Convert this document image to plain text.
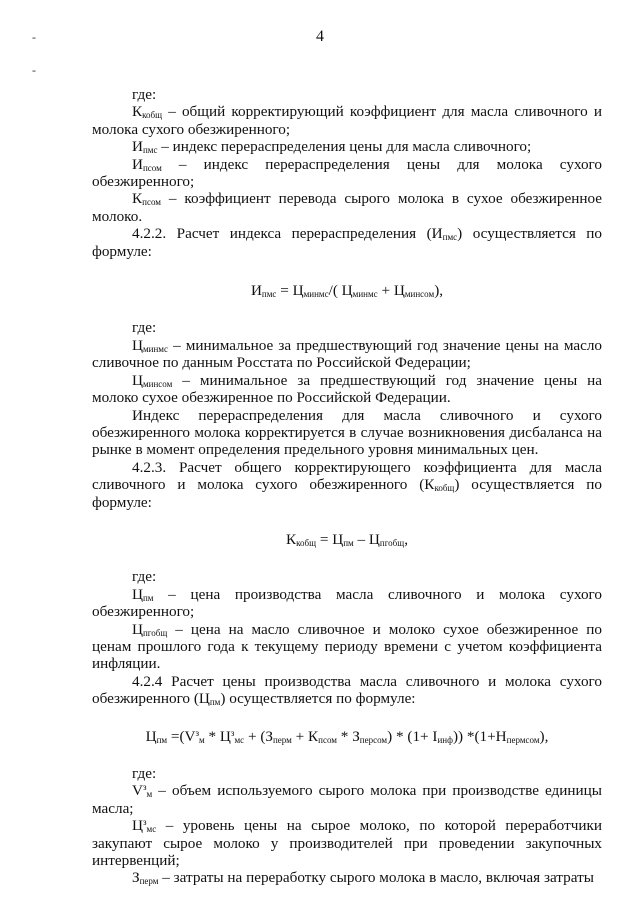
-
-
4

где:

$К_{кобщ}$ – общий корректирующий коэффициент для масла сливочного и молока сухого обезжиренного;

$И_{пмс}$ – индекс перераспределения цены для масла сливочного;

$И_{псом}$ – индекс перераспределения цены для молока сухого обезжиренного;

$К_{псом}$ – коэффициент перевода сырого молока в сухое обезжиренное молоко.

4.2.2. Расчет индекса перераспределения $(И_{пмс})$ осуществляется по формуле:

$И_{пмс} = Ц_{минмс}/$( $Ц_{минмс} + Ц_{минсом}$),

где:

$Ц_{минмс}$ – минимальное за предшествующий год значение цены на масло сливочное по данным Росстата по Российской Федерации;

$Ц_{минсом}$ – минимальное за предшествующий год значение цены на молоко сухое обезжиренное по Российской Федерации.

Индекс перераспределения для масла сливочного и сухого обезжиренного молока корректируется в случае возникновения дисбаланса на рынке в момент определения предельного уровня минимальных цен.

4.2.3. Расчет общего корректирующего коэффициента для масла сливочного и молока сухого обезжиренного $(К_{кобщ})$ осуществляется по формуле:

$К_{кобщ} = Ц_{пм} - Ц_{пгобщ}$,

где:

$Ц_{пм}$ – цена производства масла сливочного и молока сухого обезжиренного;

$Ц_{пгобщ}$ – цена на масло сливочное и молоко сухое обезжиренное по ценам прошлого года к текущему периоду времени с учетом коэффициента инфляции.

4.2.4 Расчет цены производства масла сливочного и молока сухого обезжиренного $(Ц_{пм})$ осуществляется по формуле:

$Ц_{пм} =(V^з_м * Ц^з_{мс} + (З_{перм} + К_{псом} * З_{персом}) * (1+ I_{инф}))$ $*(1+Н_{пермсом})$,

где:

$V^з_м$ – объем используемого сырого молока при производстве единицы масла;

$Ц^з_{мс}$ – уровень цены на сырое молоко, по которой переработчики закупают сырое молоко у производителей при проведении закупочных интервенций;

$З_{перм}$ – затраты на переработку сырого молока в масло, включая затраты
